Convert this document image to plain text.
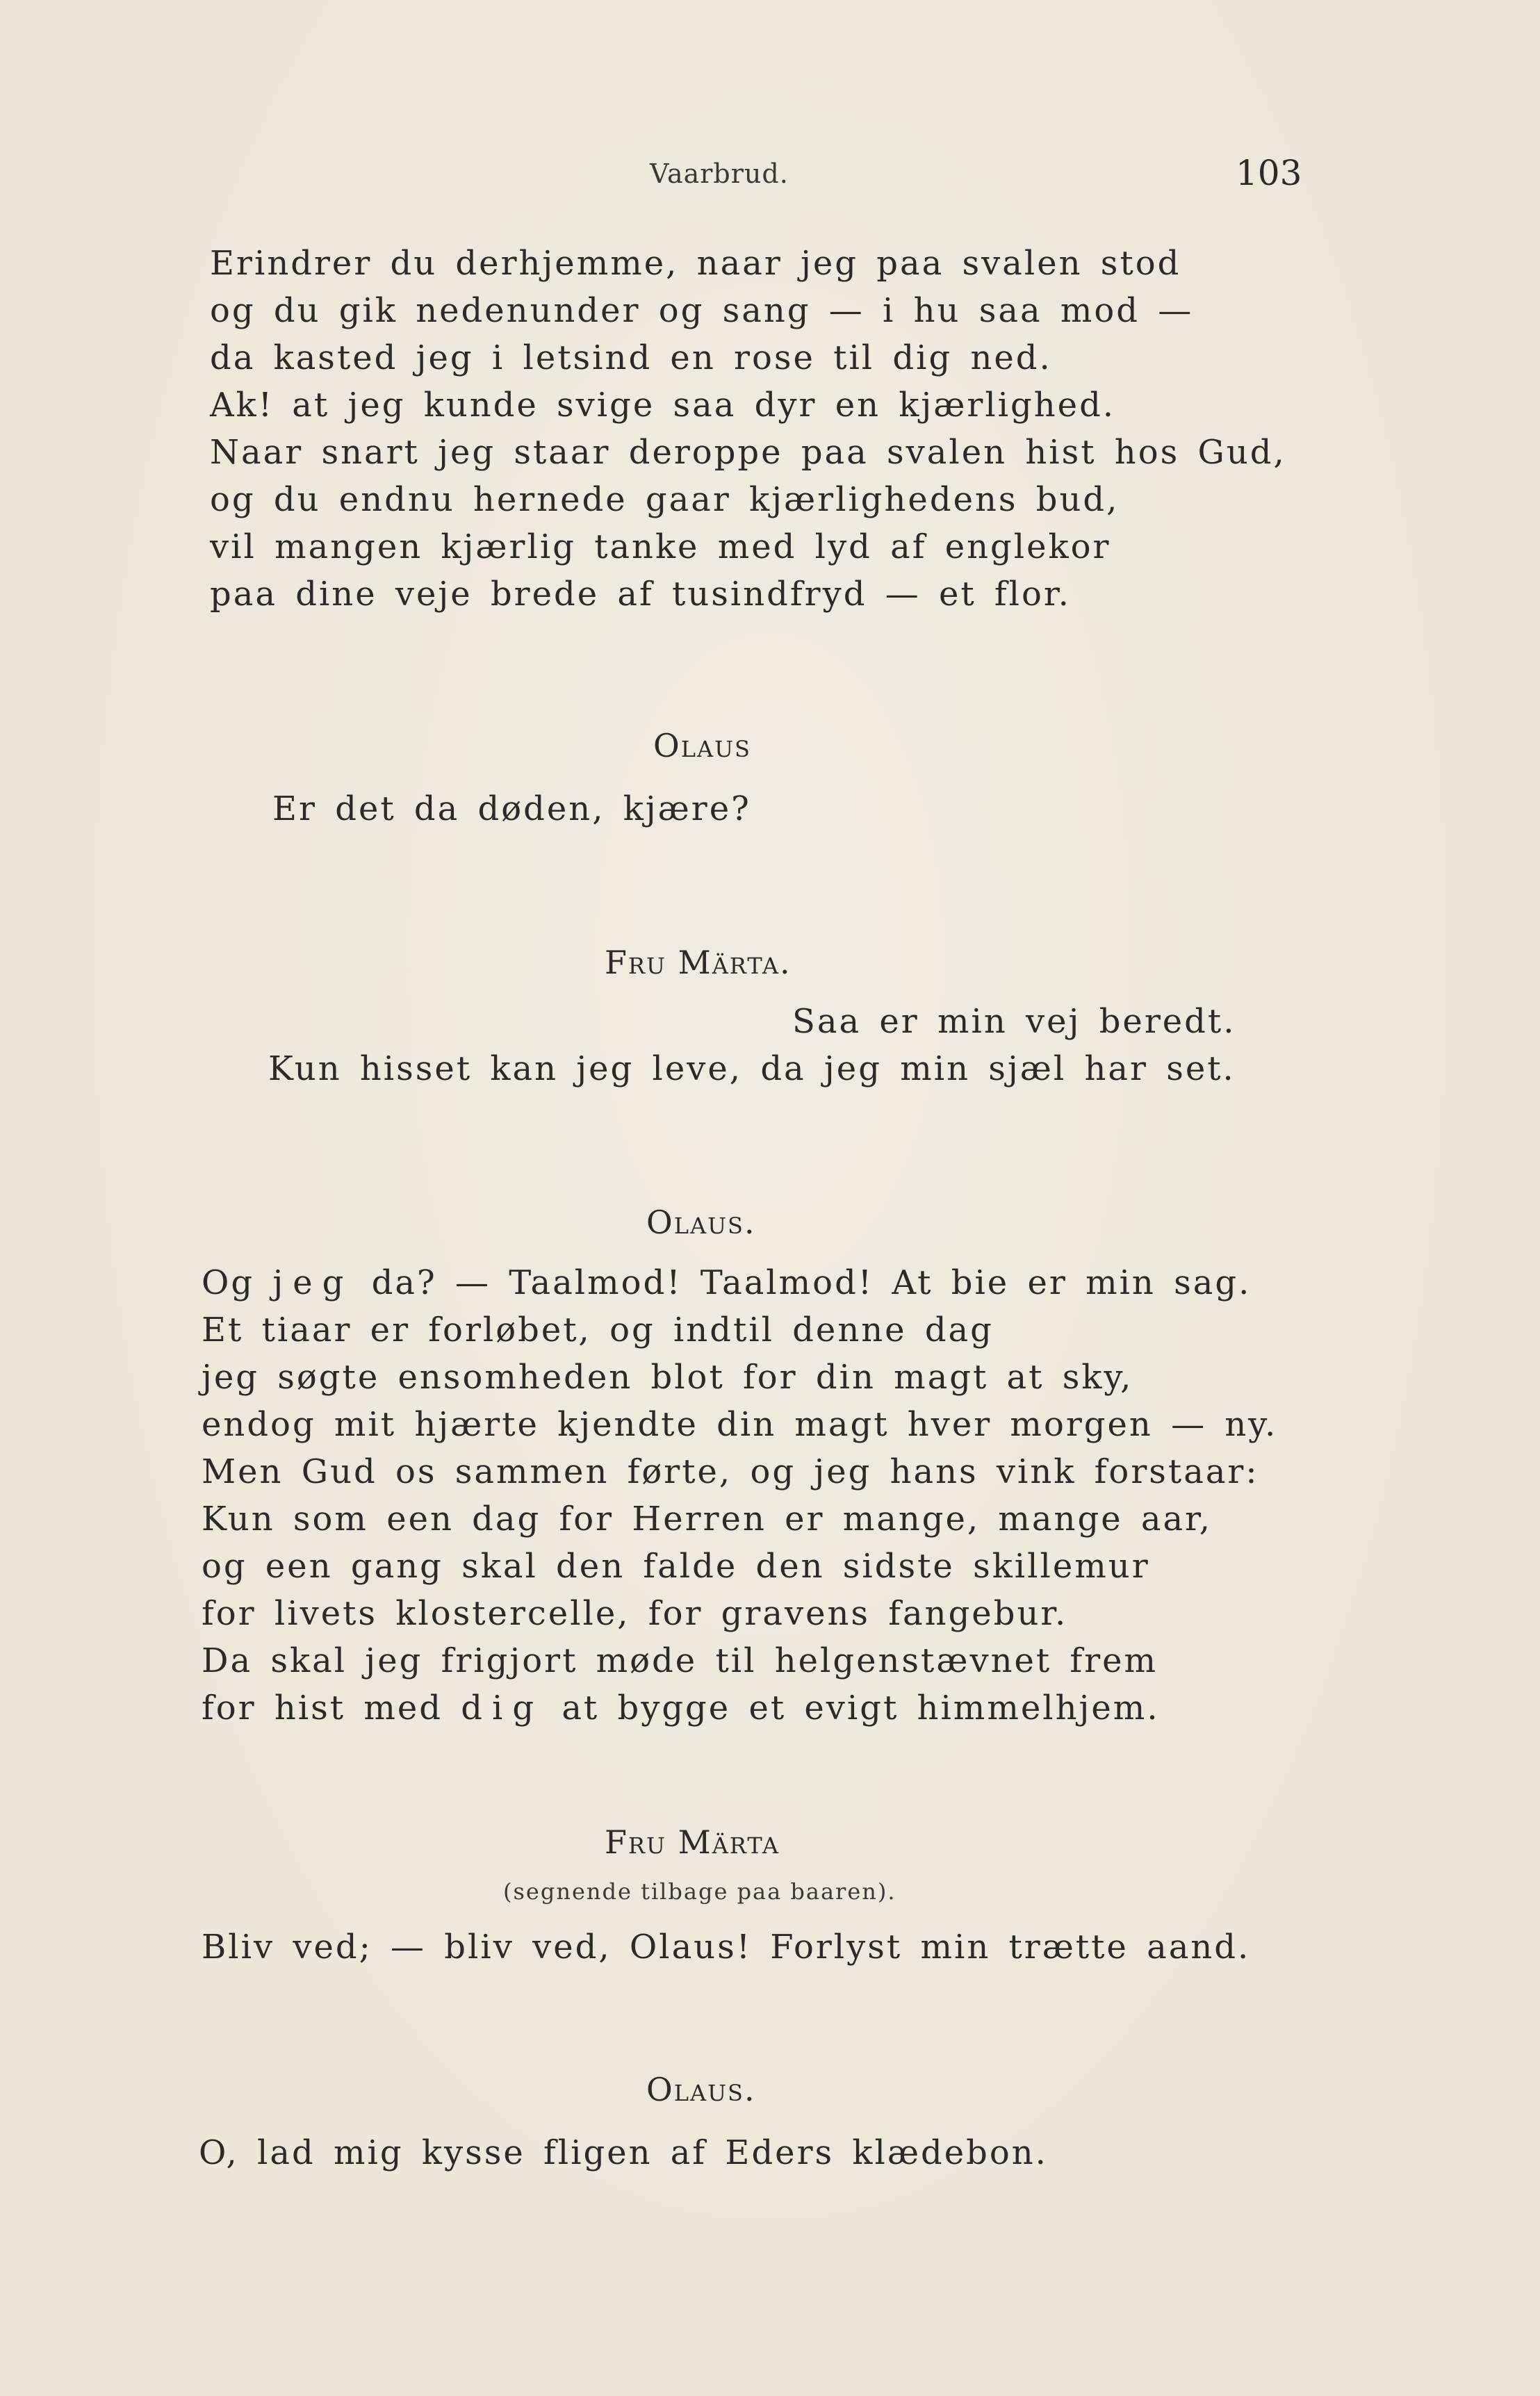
Vaarbrud.	103
Erindrer du derhjemme, naar jeg paa svalen stod
og du gik nedenunder og sang — i hu saa mod —
da kasted jeg i letsind en rose til dig ned.
Ak! at jeg kunde svige saa dyr en kjærlighed.
Naar snart jeg staar deroppe paa svalen hist hos Gud,
og du endnu hernede gaar kjærlighedens bud,
vil mangen kjærlig tanke med lyd af englekor
paa dine veje brede af tusindfryd — et flor.
Olaus
Er det da døden, kjære?
Fru Märta.
Saa er min vej beredt.
Kun hisset kan jeg leve, da jeg min sjæl har set.
Olaus.
Og jeg da? — Taalmod! Taalmod! At bie er min sag.
Et tiaar er forløbet, og indtil denne dag
jeg søgte ensomheden blot for din magt at sky,
endog mit hjærte kjendte din magt hver morgen — ny.
Men Gud os sammen førte, og jeg hans vink forstaar:
Kun som een dag for Herren er mange, mange aar,
og een gang skal den falde den sidste skillemur
for livets klostercelle, for gravens fangebur.
Da skal jeg frigjort møde til helgenstævnet frem
for hist med dig at bygge et evigt himmelhjem.
Fru Märta
(segnende tilbage paa baaren).
Bliv ved; — bliv ved, Olaus! Forlyst min trætte aand.
Olaus.
O, lad mig kysse fligen af Eders klædebon.
